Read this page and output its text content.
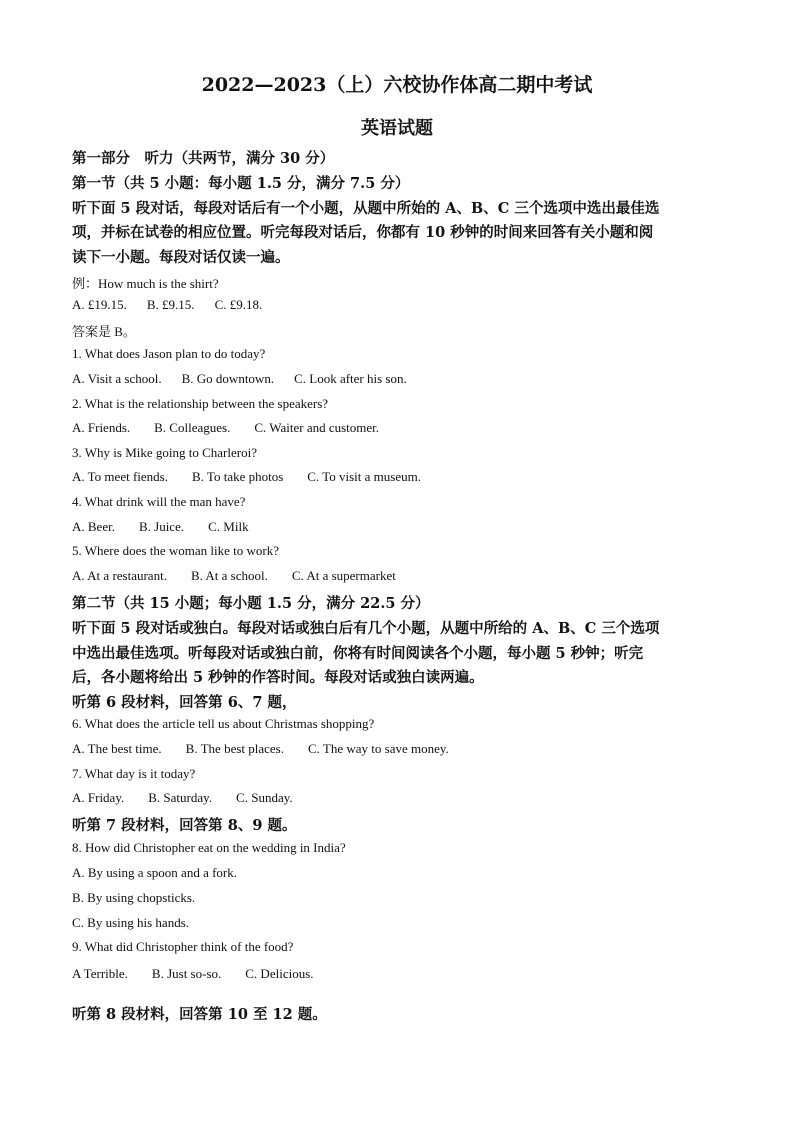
2022—2023（上）六校协作体高二期中考试
英语试题
第一部分　听力（共两节，满分 30 分）
第一节（共 5 小题：每小题 1.5 分，满分 7.5 分）
听下面 5 段对话，每段对话后有一个小题，从题中所始的 A、B、C 三个选项中选出最佳选
项，并标在试卷的相应位置。听完每段对话后，你都有 10 秒钟的时间来回答有关小题和阅
读下一小题。每段对话仅读一遍。
例：How much is the shirt?
A. £19.15. B. £9.15. C. £9.18.
答案是 B。
1. What does Jason plan to do today?
A. Visit a school. B. Go downtown. C. Look after his son.
2. What is the relationship between the speakers?
A. Friends. B. Colleagues. C. Waiter and customer.
3. Why is Mike going to Charleroi?
A. To meet fiends. B. To take photos C. To visit a museum.
4. What drink will the man have?
A. Beer. B. Juice. C. Milk
5. Where does the woman like to work?
A. At a restaurant. B. At a school. C. At a supermarket
第二节（共 15 小题；每小题 1.5 分，满分 22.5 分）
听下面 5 段对话或独白。每段对话或独白后有几个小题，从题中所给的 A、B、C 三个选项
中选出最佳选项。听每段对话或独白前，你将有时间阅读各个小题，每小题 5 秒钟；听完
后，各小题将给出 5 秒钟的作答时间。每段对话或独白读两遍。
听第 6 段材料，回答第 6、7 题，
6. What does the article tell us about Christmas shopping?
A. The best time. B. The best places. C. The way to save money.
7. What day is it today?
A. Friday. B. Saturday. C. Sunday.
听第 7 段材料，回答第 8、9 题。
8. How did Christopher eat on the wedding in India?
A. By using a spoon and a fork.
B. By using chopsticks.
C. By using his hands.
9. What did Christopher think of the food?
A Terrible. B. Just so-so. C. Delicious.
听第 8 段材料，回答第 10 至 12 题。
